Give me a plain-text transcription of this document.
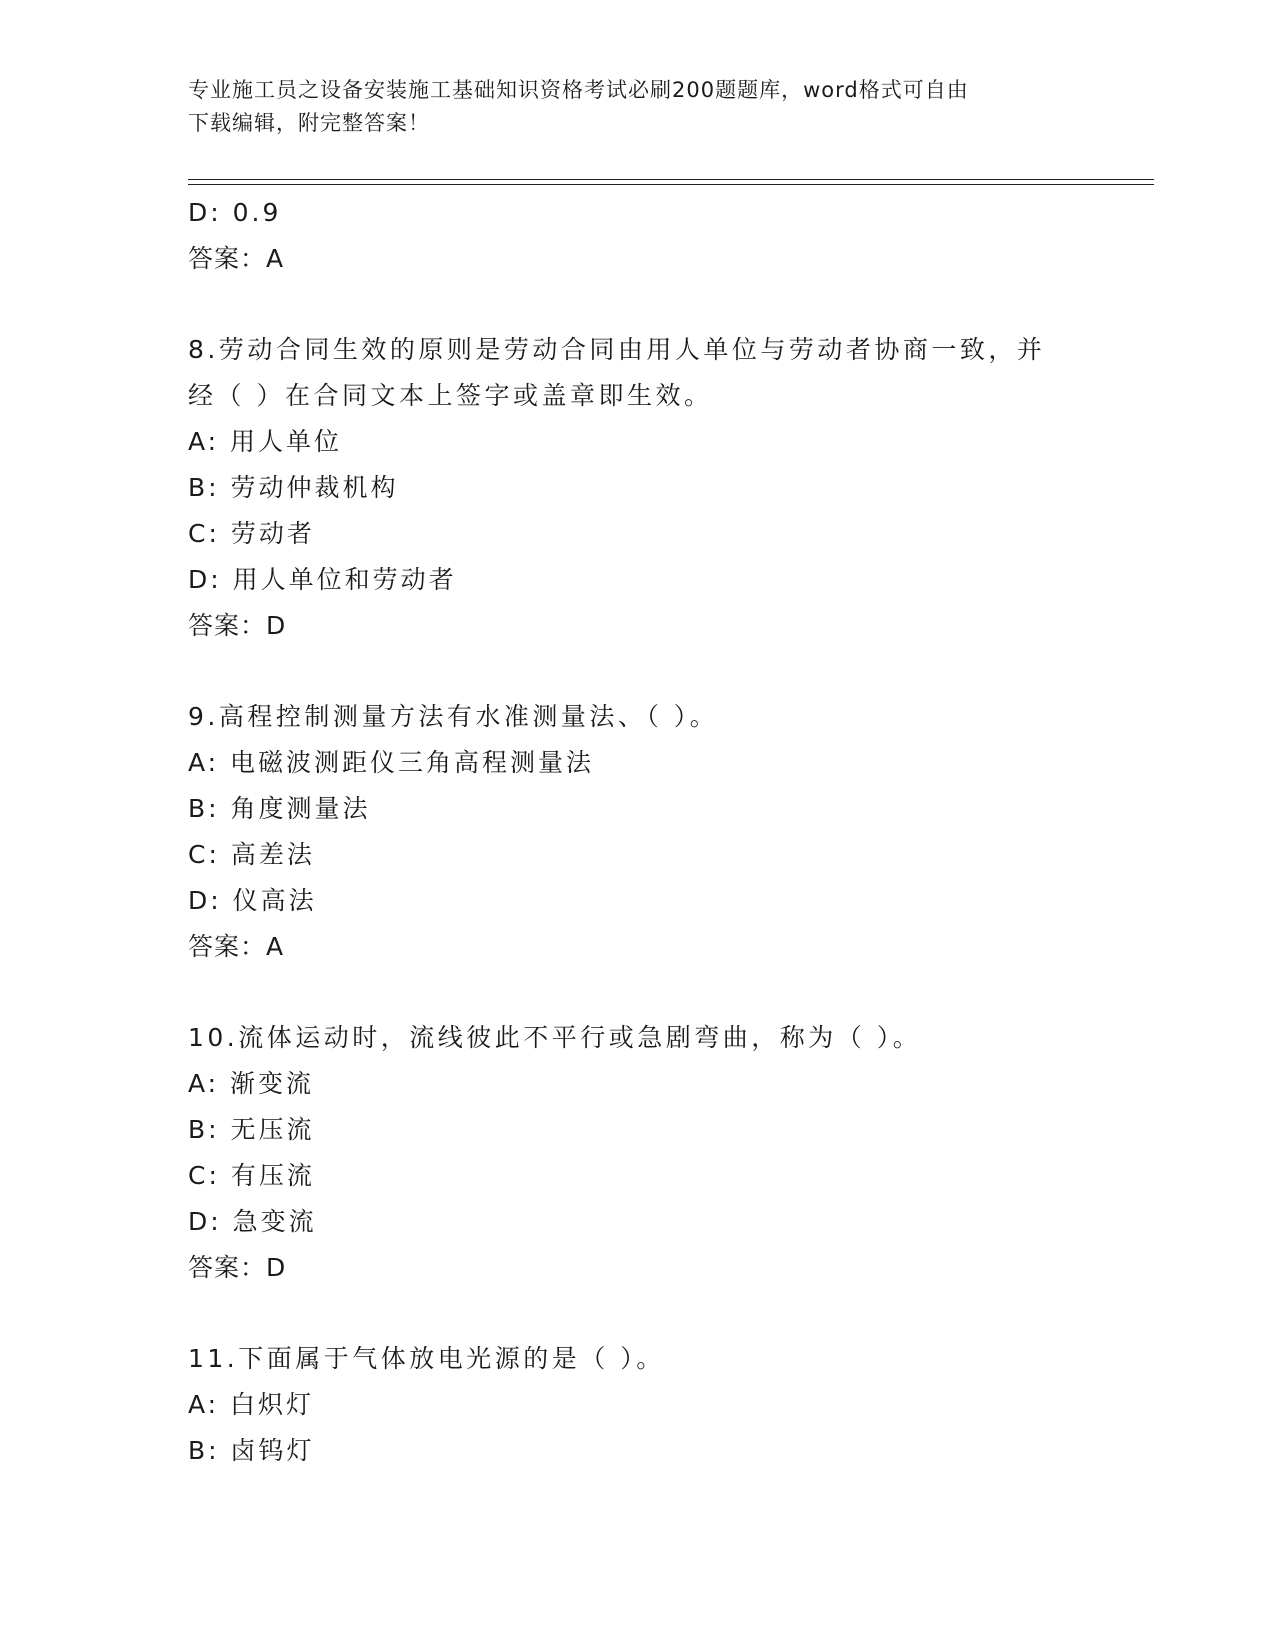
专业施工员之设备安装施工基础知识资格考试必刷200题题库，word格式可自由
下载编辑，附完整答案！
D: 0.9
答案：A
8.劳动合同生效的原则是劳动合同由用人单位与劳动者协商一致，并
经（ ）在合同文本上签字或盖章即生效。
A: 用人单位
B: 劳动仲裁机构
C: 劳动者
D: 用人单位和劳动者
答案：D
9.高程控制测量方法有水准测量法、（ ）。
A: 电磁波测距仪三角高程测量法
B: 角度测量法
C: 高差法
D: 仪高法
答案：A
10.流体运动时，流线彼此不平行或急剧弯曲，称为（ ）。
A: 渐变流
B: 无压流
C: 有压流
D: 急变流
答案：D
11.下面属于气体放电光源的是（ ）。
A: 白炽灯
B: 卤钨灯
